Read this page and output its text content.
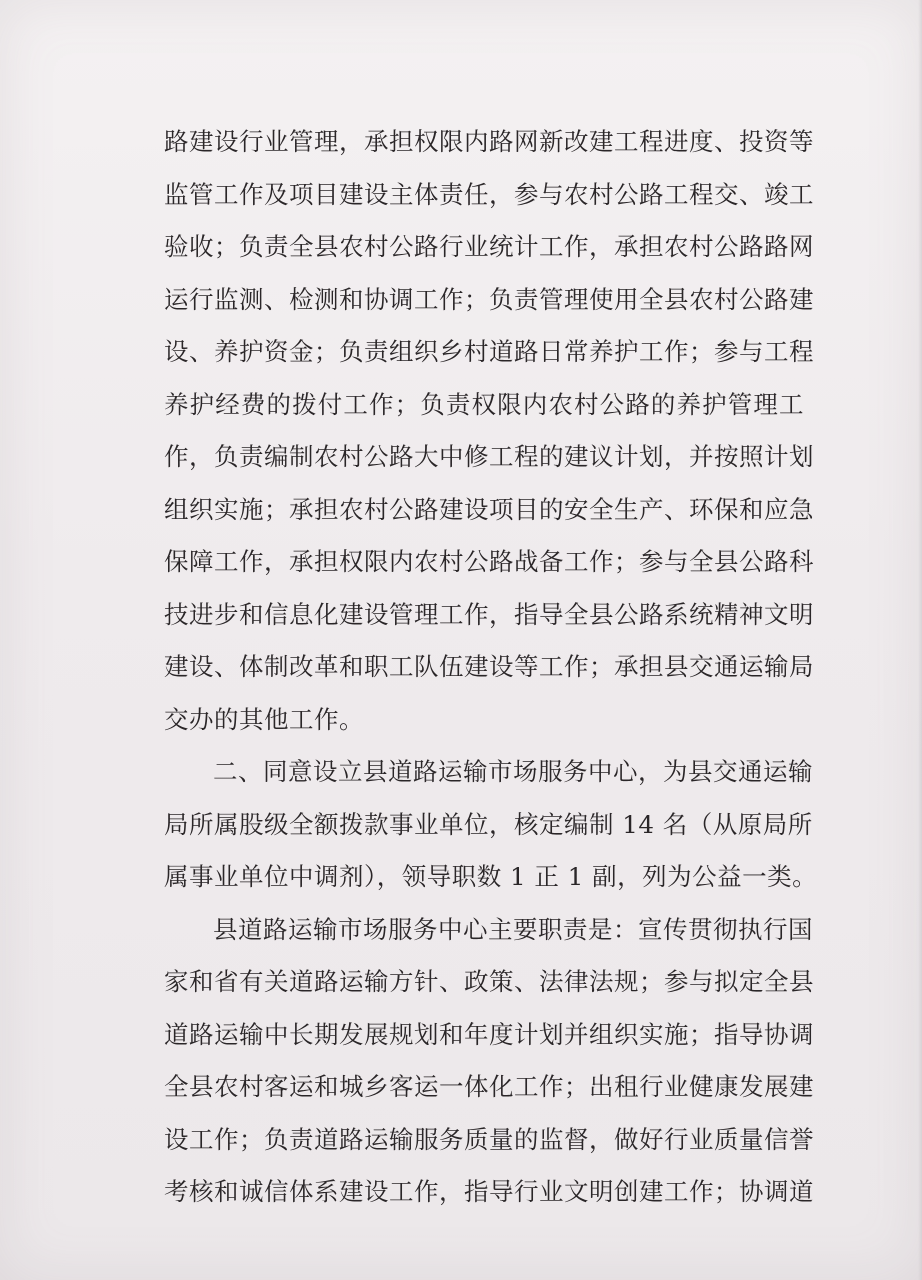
路建设行业管理，承担权限内路网新改建工程进度、投资等
监管工作及项目建设主体责任，参与农村公路工程交、竣工
验收；负责全县农村公路行业统计工作，承担农村公路路网
运行监测、检测和协调工作；负责管理使用全县农村公路建
设、养护资金；负责组织乡村道路日常养护工作；参与工程
养护经费的拨付工作；负责权限内农村公路的养护管理工
作，负责编制农村公路大中修工程的建议计划，并按照计划
组织实施；承担农村公路建设项目的安全生产、环保和应急
保障工作，承担权限内农村公路战备工作；参与全县公路科
技进步和信息化建设管理工作，指导全县公路系统精神文明
建设、体制改革和职工队伍建设等工作；承担县交通运输局
交办的其他工作。
二、同意设立县道路运输市场服务中心，为县交通运输
局所属股级全额拨款事业单位，核定编制 14 名（从原局所
属事业单位中调剂），领导职数 1 正 1 副，列为公益一类。
县道路运输市场服务中心主要职责是：宣传贯彻执行国
家和省有关道路运输方针、政策、法律法规；参与拟定全县
道路运输中长期发展规划和年度计划并组织实施；指导协调
全县农村客运和城乡客运一体化工作；出租行业健康发展建
设工作；负责道路运输服务质量的监督，做好行业质量信誉
考核和诚信体系建设工作，指导行业文明创建工作；协调道
